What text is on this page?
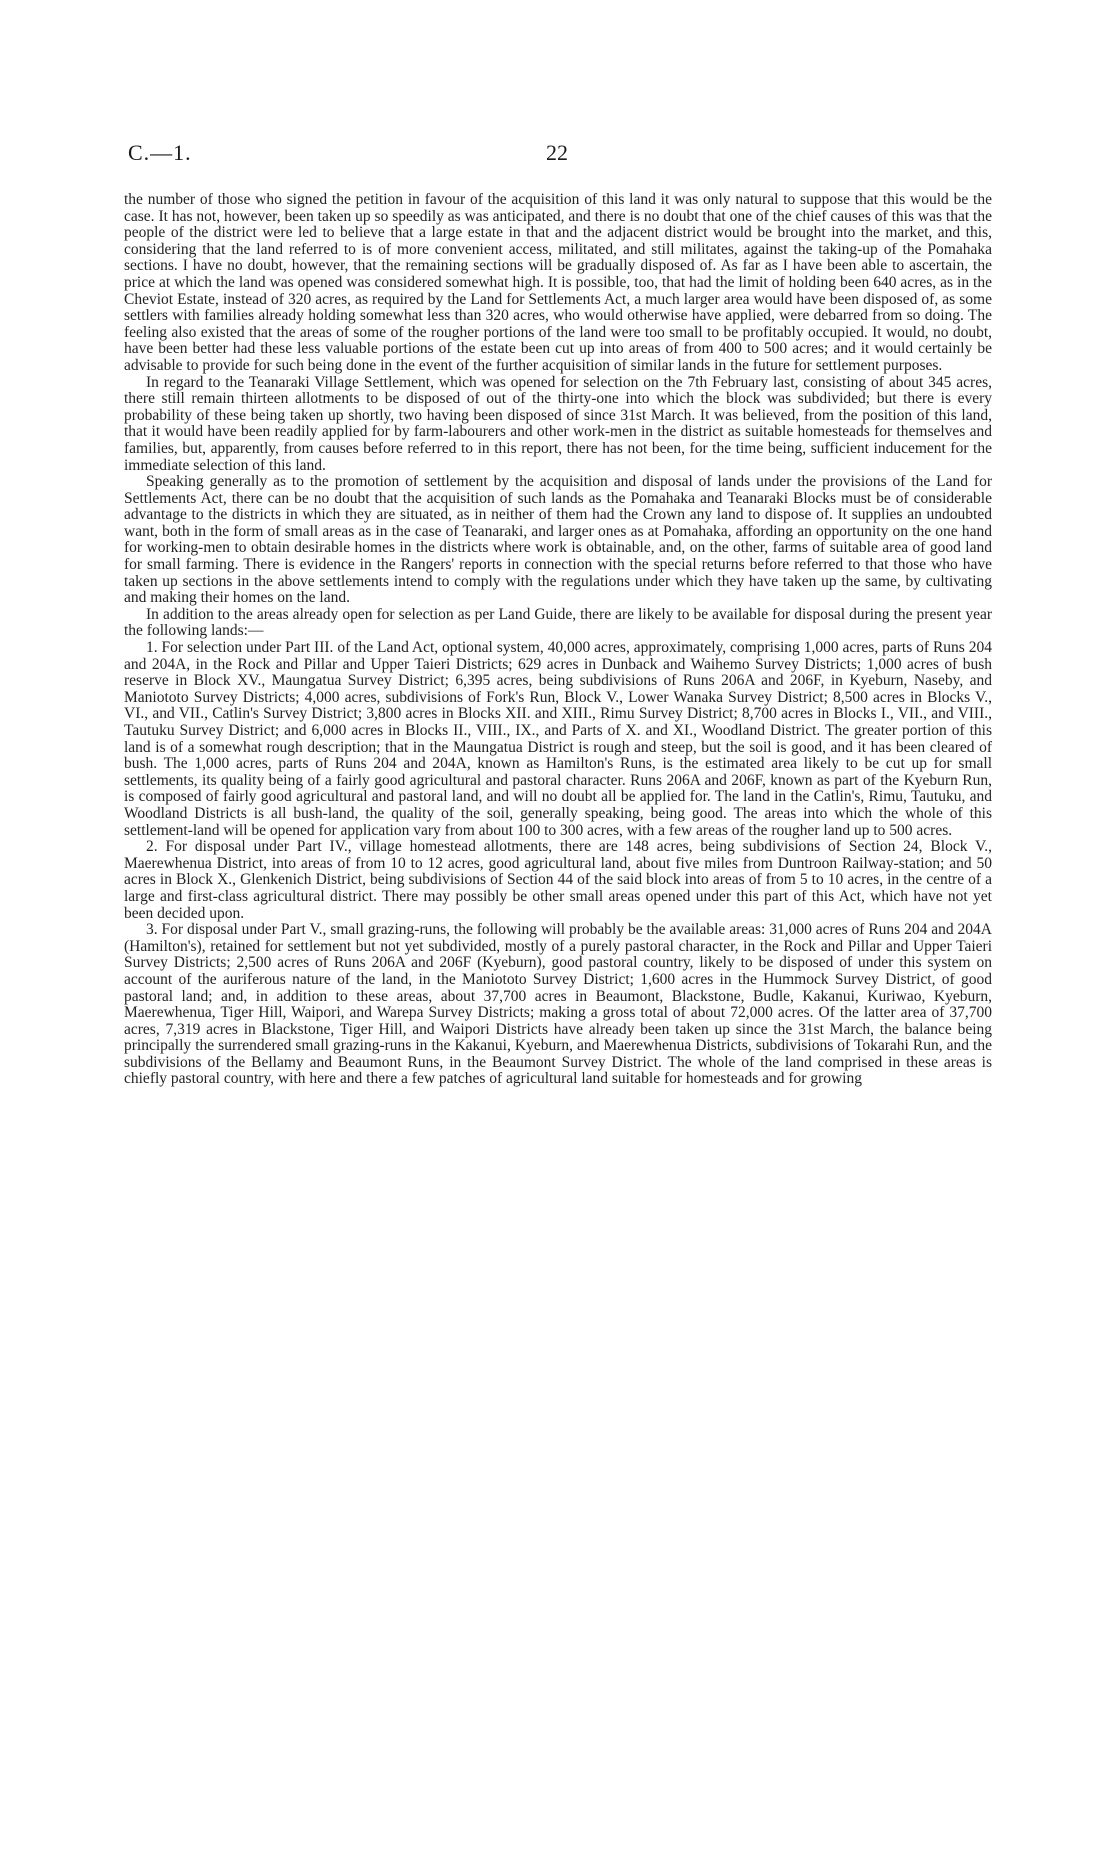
C.—1.	22

the number of those who signed the petition in favour of the acquisition of this land it was only natural to suppose that this would be the case. It has not, however, been taken up so speedily as was anticipated, and there is no doubt that one of the chief causes of this was that the people of the district were led to believe that a large estate in that and the adjacent district would be brought into the market, and this, considering that the land referred to is of more convenient access, militated, and still militates, against the taking-up of the Pomahaka sections. I have no doubt, however, that the remaining sections will be gradually disposed of. As far as I have been able to ascertain, the price at which the land was opened was considered somewhat high. It is possible, too, that had the limit of holding been 640 acres, as in the Cheviot Estate, instead of 320 acres, as required by the Land for Settlements Act, a much larger area would have been disposed of, as some settlers with families already holding somewhat less than 320 acres, who would otherwise have applied, were debarred from so doing. The feeling also existed that the areas of some of the rougher portions of the land were too small to be profitably occupied. It would, no doubt, have been better had these less valuable portions of the estate been cut up into areas of from 400 to 500 acres; and it would certainly be advisable to provide for such being done in the event of the further acquisition of similar lands in the future for settlement purposes.

In regard to the Teanaraki Village Settlement, which was opened for selection on the 7th February last, consisting of about 345 acres, there still remain thirteen allotments to be disposed of out of the thirty-one into which the block was subdivided; but there is every probability of these being taken up shortly, two having been disposed of since 31st March. It was believed, from the position of this land, that it would have been readily applied for by farm-labourers and other work-men in the district as suitable homesteads for themselves and families, but, apparently, from causes before referred to in this report, there has not been, for the time being, sufficient inducement for the immediate selection of this land.

Speaking generally as to the promotion of settlement by the acquisition and disposal of lands under the provisions of the Land for Settlements Act, there can be no doubt that the acquisition of such lands as the Pomahaka and Teanaraki Blocks must be of considerable advantage to the districts in which they are situated, as in neither of them had the Crown any land to dispose of. It supplies an undoubted want, both in the form of small areas as in the case of Teanaraki, and larger ones as at Pomahaka, affording an opportunity on the one hand for working-men to obtain desirable homes in the districts where work is obtainable, and, on the other, farms of suitable area of good land for small farming. There is evidence in the Rangers' reports in connection with the special returns before referred to that those who have taken up sections in the above settlements intend to comply with the regulations under which they have taken up the same, by cultivating and making their homes on the land.

In addition to the areas already open for selection as per Land Guide, there are likely to be available for disposal during the present year the following lands:—

1. For selection under Part III. of the Land Act, optional system, 40,000 acres, approximately, comprising 1,000 acres, parts of Runs 204 and 204A, in the Rock and Pillar and Upper Taieri Districts; 629 acres in Dunback and Waihemo Survey Districts; 1,000 acres of bush reserve in Block XV., Maungatua Survey District; 6,395 acres, being subdivisions of Runs 206A and 206F, in Kyeburn, Naseby, and Maniototo Survey Districts; 4,000 acres, subdivisions of Fork's Run, Block V., Lower Wanaka Survey District; 8,500 acres in Blocks V., VI., and VII., Catlin's Survey District; 3,800 acres in Blocks XII. and XIII., Rimu Survey District; 8,700 acres in Blocks I., VII., and VIII., Tautuku Survey District; and 6,000 acres in Blocks II., VIII., IX., and Parts of X. and XI., Woodland District. The greater portion of this land is of a somewhat rough description; that in the Maungatua District is rough and steep, but the soil is good, and it has been cleared of bush. The 1,000 acres, parts of Runs 204 and 204A, known as Hamilton's Runs, is the estimated area likely to be cut up for small settlements, its quality being of a fairly good agricultural and pastoral character. Runs 206A and 206F, known as part of the Kyeburn Run, is composed of fairly good agricultural and pastoral land, and will no doubt all be applied for. The land in the Catlin's, Rimu, Tautuku, and Woodland Districts is all bush-land, the quality of the soil, generally speaking, being good. The areas into which the whole of this settlement-land will be opened for application vary from about 100 to 300 acres, with a few areas of the rougher land up to 500 acres.

2. For disposal under Part IV., village homestead allotments, there are 148 acres, being subdivisions of Section 24, Block V., Maerewhenua District, into areas of from 10 to 12 acres, good agricultural land, about five miles from Duntroon Railway-station; and 50 acres in Block X., Glenkenich District, being subdivisions of Section 44 of the said block into areas of from 5 to 10 acres, in the centre of a large and first-class agricultural district. There may possibly be other small areas opened under this part of this Act, which have not yet been decided upon.

3. For disposal under Part V., small grazing-runs, the following will probably be the available areas: 31,000 acres of Runs 204 and 204A (Hamilton's), retained for settlement but not yet subdivided, mostly of a purely pastoral character, in the Rock and Pillar and Upper Taieri Survey Districts; 2,500 acres of Runs 206A and 206F (Kyeburn), good pastoral country, likely to be disposed of under this system on account of the auriferous nature of the land, in the Maniototo Survey District; 1,600 acres in the Hummock Survey District, of good pastoral land; and, in addition to these areas, about 37,700 acres in Beaumont, Blackstone, Budle, Kakanui, Kuriwao, Kyeburn, Maerewhenua, Tiger Hill, Waipori, and Warepa Survey Districts; making a gross total of about 72,000 acres. Of the latter area of 37,700 acres, 7,319 acres in Blackstone, Tiger Hill, and Waipori Districts have already been taken up since the 31st March, the balance being principally the surrendered small grazing-runs in the Kakanui, Kyeburn, and Maerewhenua Districts, subdivisions of Tokarahi Run, and the subdivisions of the Bellamy and Beaumont Runs, in the Beaumont Survey District. The whole of the land comprised in these areas is chiefly pastoral country, with here and there a few patches of agricultural land suitable for homesteads and for growing
